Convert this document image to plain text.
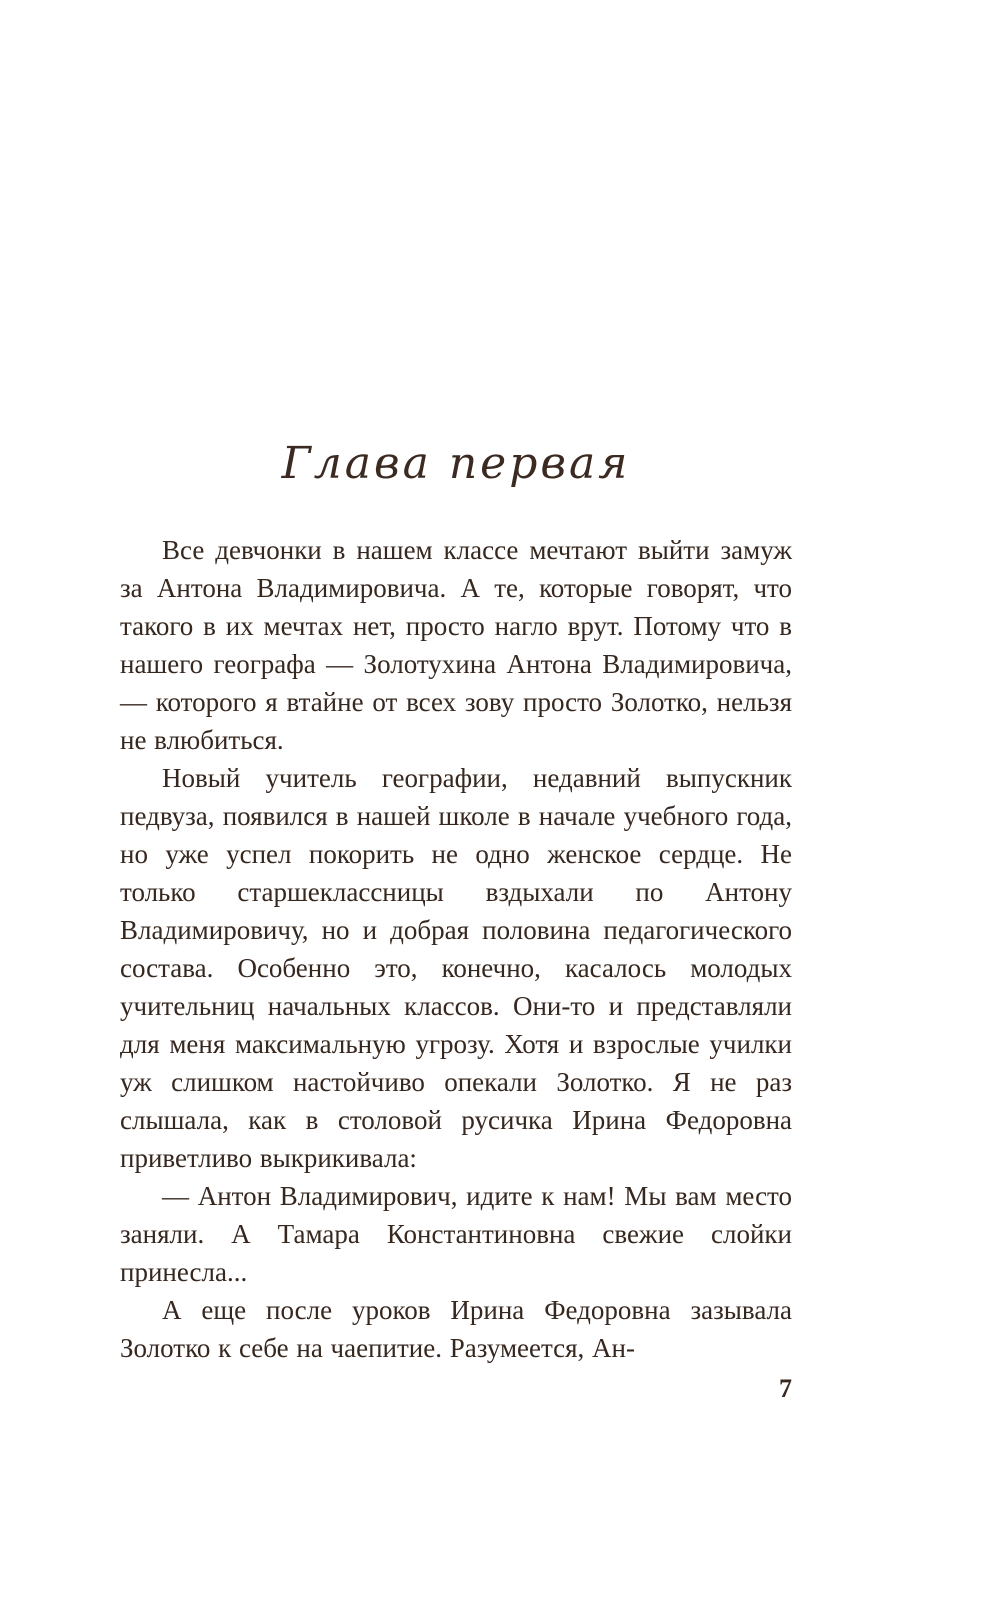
Глава первая

Все девчонки в нашем классе мечтают выйти замуж за Антона Владимировича. А те, которые говорят, что такого в их мечтах нет, просто нагло врут. Потому что в нашего географа — Золотухина Антона Владимировича, — которого я втайне от всех зову просто Золотко, нельзя не влюбиться.

Новый учитель географии, недавний выпускник педвуза, появился в нашей школе в начале учебного года, но уже успел покорить не одно женское сердце. Не только старшеклассницы вздыхали по Антону Владимировичу, но и добрая половина педагогического состава. Особенно это, конечно, касалось молодых учительниц начальных классов. Они-то и представляли для меня максимальную угрозу. Хотя и взрослые училки уж слишком настойчиво опекали Золотко. Я не раз слышала, как в столовой русичка Ирина Федоровна приветливо выкрикивала:

— Антон Владимирович, идите к нам! Мы вам место заняли. А Тамара Константиновна свежие слойки принесла...

А еще после уроков Ирина Федоровна зазывала Золотко к себе на чаепитие. Разумеется, Ан-

7
